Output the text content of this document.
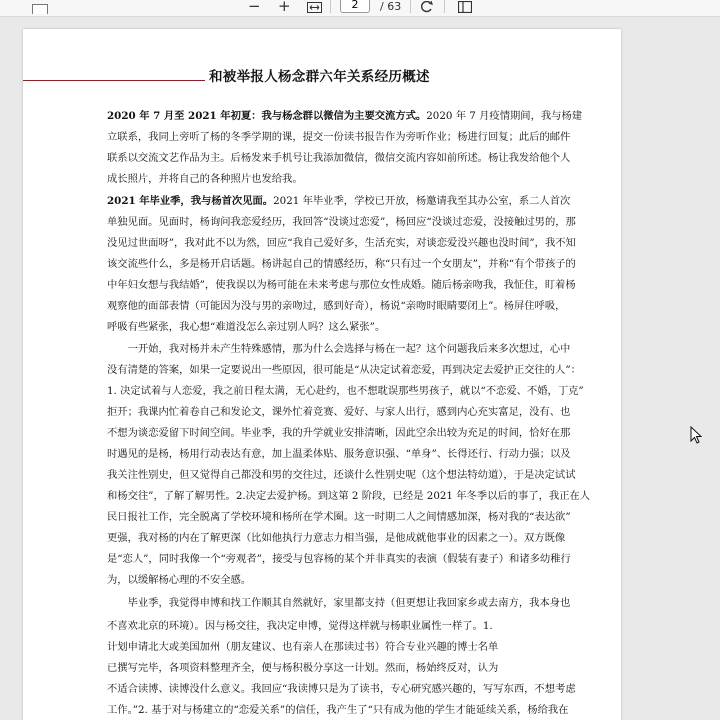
− +
2	/ 63
和被举报人杨念群六年关系经历概述
2020 年 7 月至 2021 年初夏：我与杨念群以微信为主要交流方式。2020 年 7 月疫情期间，我与杨建
立联系，我同上旁听了杨的冬季学期的课，提交一份读书报告作为旁听作业；杨进行回复；此后的邮件
联系以交流文艺作品为主。后杨发来手机号让我添加微信，微信交流内容如前所述。杨让我发给他个人
成长照片，并将自己的各种照片也发给我。
2021 年毕业季，我与杨首次见面。2021 年毕业季，学校已开放，杨邀请我至其办公室，系二人首次
单独见面。见面时，杨询问我恋爱经历，我回答“没谈过恋爱”，杨回应“没谈过恋爱，没接触过男的，那
没见过世面呀”，我对此不以为然，回应“我自己爱好多，生活充实，对谈恋爱没兴趣也没时间”，我不知
该交流些什么，多是杨开启话题。杨讲起自己的情感经历，称“只有过一个女朋友”，并称“有个带孩子的
中年妇女想与我结婚”，使我误以为杨可能在未来考虑与那位女性成婚。随后杨亲吻我，我怔住，盯着杨
观察他的面部表情（可能因为没与男的亲吻过，感到好奇），杨说“亲吻时眼睛要闭上”。杨屏住呼吸，
呼吸有些紧张，我心想“难道没怎么亲过别人吗？这么紧张”。
　　一开始，我对杨并未产生特殊感情，那为什么会选择与杨在一起？这个问题我后来多次想过，心中
没有清楚的答案，如果一定要说出一些原因，很可能是“从决定试着恋爱，再到决定去爱护正交往的人”：
1. 决定试着与人恋爱，我之前日程太满，无心赴约，也不想耽误那些男孩子，就以“不恋爱、不婚，丁克”
拒开；我课内忙着卷自己和发论文，课外忙着竞赛、爱好、与家人出行，感到内心充实富足，没有、也
不想为谈恋爱留下时间空间。毕业季，我的升学就业安排清晰，因此空余出较为充足的时间，恰好在那
时遇见的是杨，杨用行动表达有意，加上温柔体贴、服务意识强、“单身”、长得还行、行动力强；以及
我关注性别史，但又觉得自己都没和男的交往过，还谈什么性别史呢（这个想法特幼道），于是决定试试
和杨交往”，了解了解男性。2.决定去爱护杨。到这第 2 阶段，已经是 2021 年冬季以后的事了，我正在人
民日报社工作，完全脱离了学校环境和杨所在学术圈。这一时期二人之间情感加深，杨对我的“表达欲”
更强，我对杨的内在了解更深（比如他执行力意志力相当强，是他成就他事业的因素之一）。双方既像
是“恋人”，同时我像一个“旁观者”，接受与包容杨的某个并非真实的表演（假装有妻子）和诸多幼稚行
为，以缓解杨心理的不安全感。
　　毕业季，我觉得申博和找工作顺其自然就好，家里都支持（但更想让我回家乡或去南方，我本身也
不喜欢北京的环境）。因与杨交往，我决定申博，觉得这样就与杨职业属性一样了。1.
计划申请北大或美国加州（朋友建议、也有亲人在那读过书）符合专业兴趣的博士名单
已撰写完毕，各项资料整理齐全，便与杨积极分享这一计划。然而，杨始终反对，认为
不适合读博、读博没什么意义。我回应“我读博只是为了读书，专心研究感兴趣的，写写东西，不想考虑
工作。”2. 基于对与杨建立的“恋爱关系”的信任，我产生了“只有成为他的学生才能延续关系，杨给我在
